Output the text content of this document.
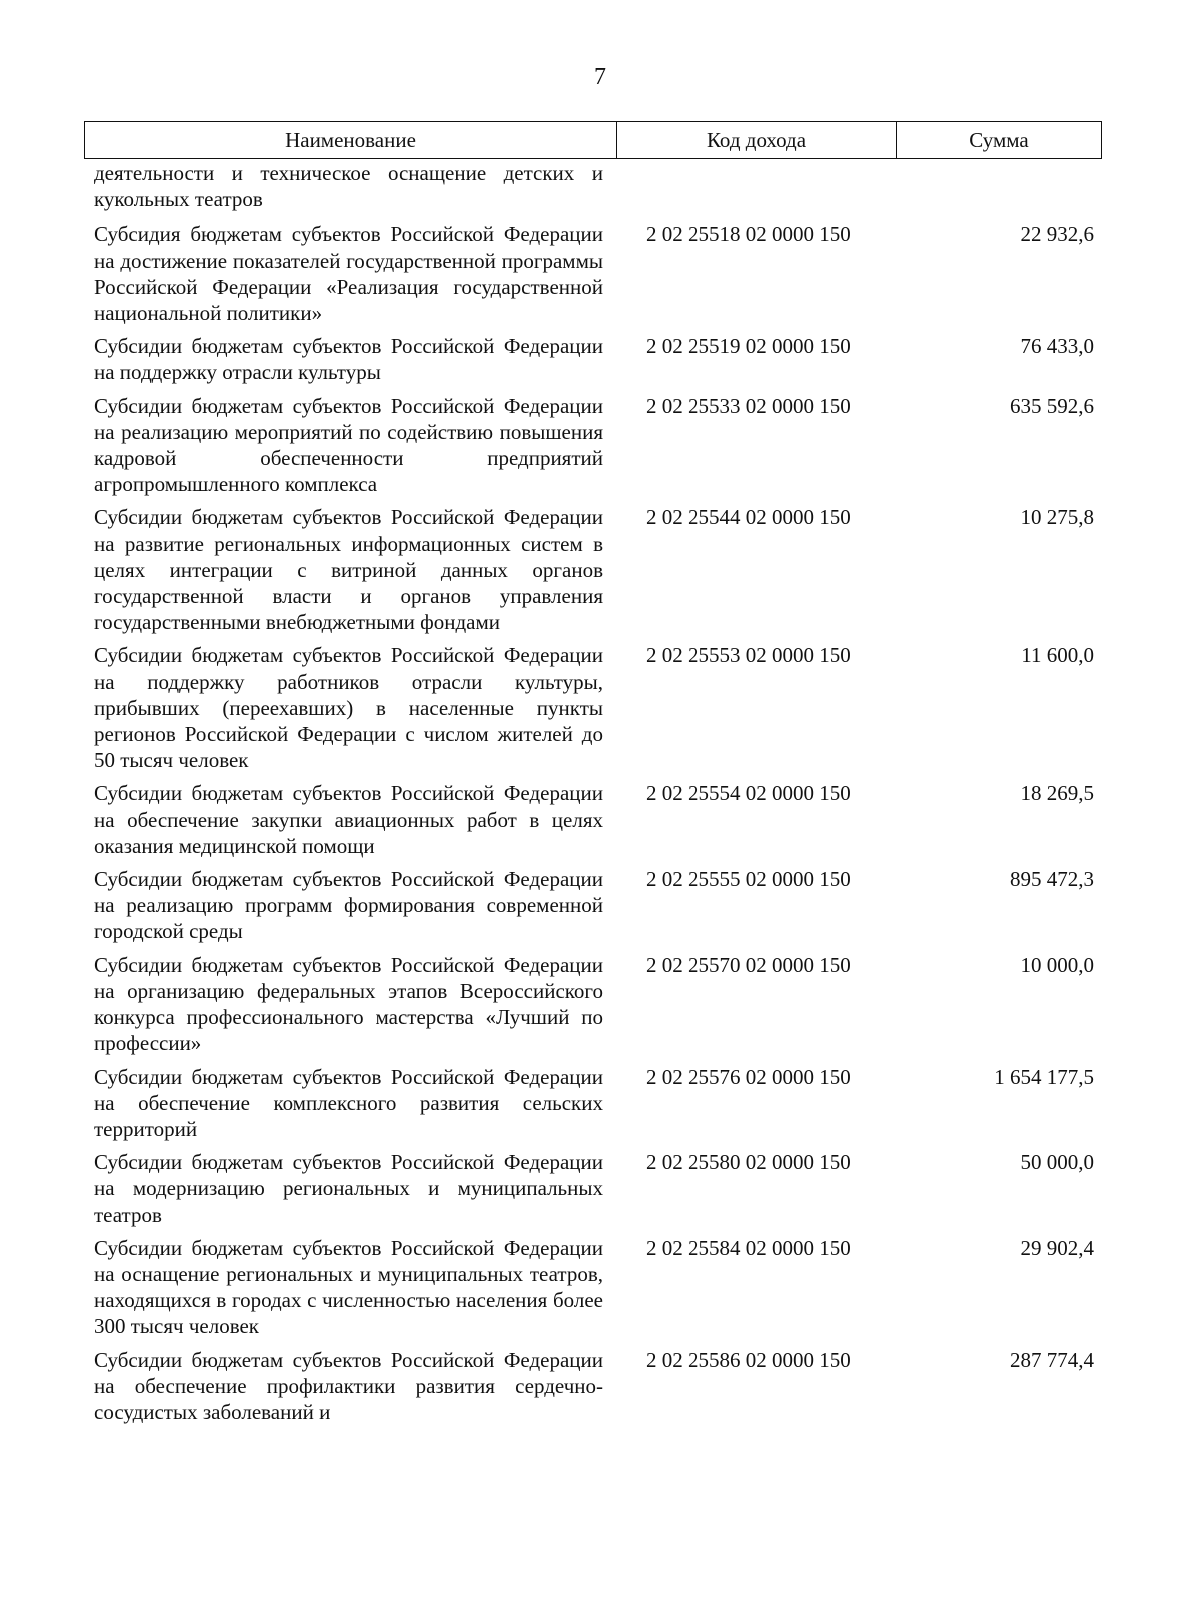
7
Наименование	Код дохода	Сумма
деятельности и техническое оснащение детских и кукольных театров
Субсидия бюджетам субъектов Российской Федерации на достижение показателей государственной программы Российской Федерации «Реализация государственной национальной политики»
2 02 25518 02 0000 150	22 932,6
Субсидии бюджетам субъектов Российской Федерации на поддержку отрасли культуры
2 02 25519 02 0000 150	76 433,0
Субсидии бюджетам субъектов Российской Федерации на реализацию мероприятий по содействию повышения кадровой обеспеченности предприятий агропромышленного комплекса
2 02 25533 02 0000 150	635 592,6
Субсидии бюджетам субъектов Российской Федерации на развитие региональных информационных систем в целях интеграции с витриной данных органов государственной власти и органов управления государственными внебюджетными фондами
2 02 25544 02 0000 150	10 275,8
Субсидии бюджетам субъектов Российской Федерации на поддержку работников отрасли культуры, прибывших (переехавших) в населенные пункты регионов Российской Федерации с числом жителей до 50 тысяч человек
2 02 25553 02 0000 150	11 600,0
Субсидии бюджетам субъектов Российской Федерации на обеспечение закупки авиационных работ в целях оказания медицинской помощи
2 02 25554 02 0000 150	18 269,5
Субсидии бюджетам субъектов Российской Федерации на реализацию программ формирования современной городской среды
2 02 25555 02 0000 150	895 472,3
Субсидии бюджетам субъектов Российской Федерации на организацию федеральных этапов Всероссийского конкурса профессионального мастерства «Лучший по профессии»
2 02 25570 02 0000 150	10 000,0
Субсидии бюджетам субъектов Российской Федерации на обеспечение комплексного развития сельских территорий
2 02 25576 02 0000 150	1 654 177,5
Субсидии бюджетам субъектов Российской Федерации на модернизацию региональных и муниципальных театров
2 02 25580 02 0000 150	50 000,0
Субсидии бюджетам субъектов Российской Федерации на оснащение региональных и муниципальных театров, находящихся в городах с численностью населения более 300 тысяч человек
2 02 25584 02 0000 150	29 902,4
Субсидии бюджетам субъектов Российской Федерации на обеспечение профилактики развития сердечно-сосудистых заболеваний и
2 02 25586 02 0000 150	287 774,4
